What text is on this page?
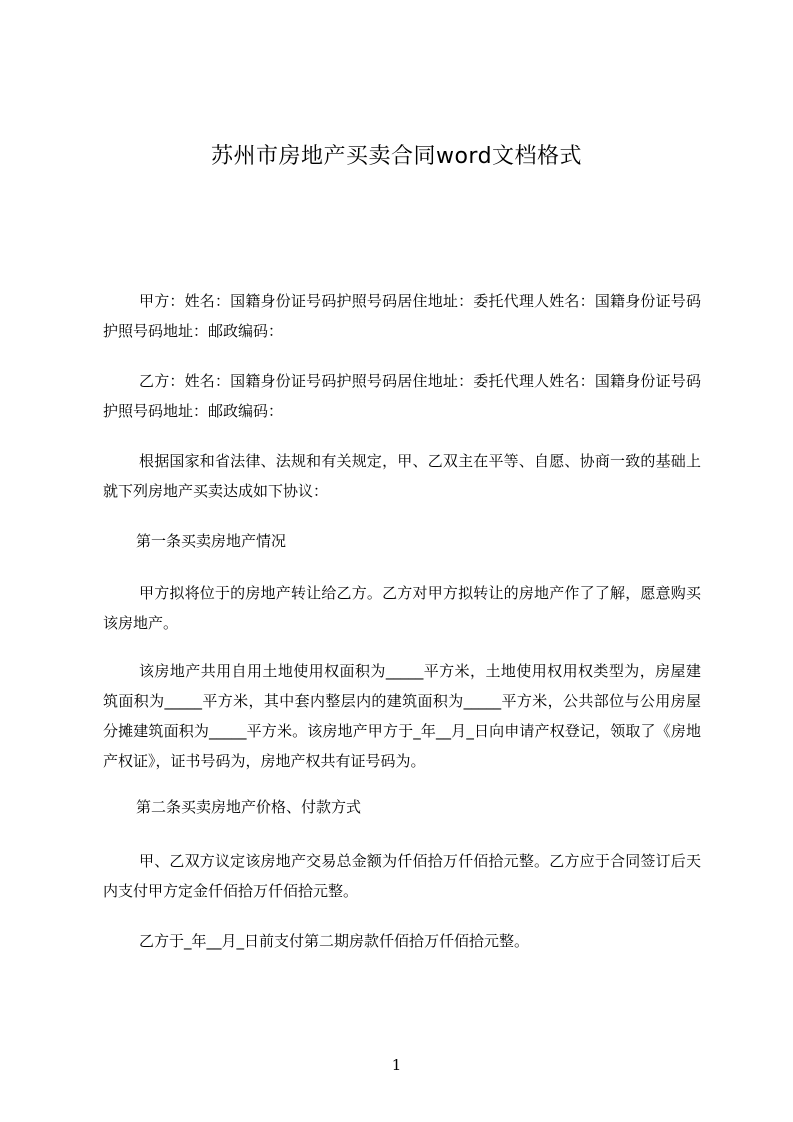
苏州市房地产买卖合同word文档格式

甲方：姓名：国籍身份证号码护照号码居住地址：委托代理人姓名：国籍身份证号码护照号码地址：邮政编码：

乙方：姓名：国籍身份证号码护照号码居住地址：委托代理人姓名：国籍身份证号码护照号码地址：邮政编码：

根据国家和省法律、法规和有关规定，甲、乙双主在平等、自愿、协商一致的基础上就下列房地产买卖达成如下协议：

第一条买卖房地产情况

甲方拟将位于的房地产转让给乙方。乙方对甲方拟转让的房地产作了了解，愿意购买该房地产。

该房地产共用自用土地使用权面积为_____平方米，土地使用权用权类型为，房屋建筑面积为_____平方米，其中套内整层内的建筑面积为_____平方米，公共部位与公用房屋分摊建筑面积为_____平方米。该房地产甲方于_年__月_日向申请产权登记，领取了《房地产权证》，证书号码为，房地产权共有证号码为。

第二条买卖房地产价格、付款方式

甲、乙双方议定该房地产交易总金额为仟佰拾万仟佰拾元整。乙方应于合同签订后天内支付甲方定金仟佰拾万仟佰拾元整。

乙方于_年__月_日前支付第二期房款仟佰拾万仟佰拾元整。

1
